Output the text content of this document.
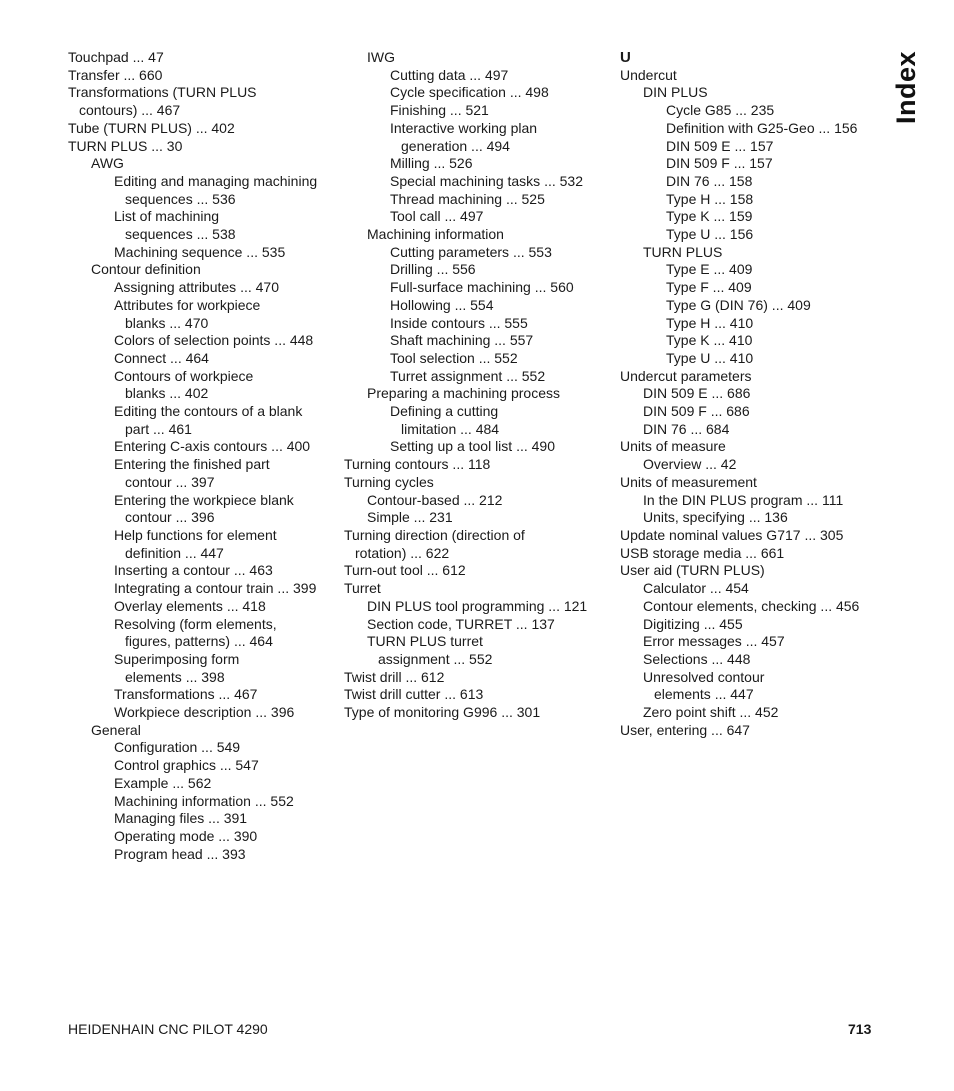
Touchpad ... 47
Transfer ... 660
Transformations (TURN PLUS
contours) ... 467
Tube (TURN PLUS) ... 402
TURN PLUS ... 30
AWG
Editing and managing machining
sequences ... 536
List of machining
sequences ... 538
Machining sequence ... 535
Contour definition
Assigning attributes ... 470
Attributes for workpiece
blanks ... 470
Colors of selection points ... 448
Connect ... 464
Contours of workpiece
blanks ... 402
Editing the contours of a blank
part ... 461
Entering C-axis contours ... 400
Entering the finished part
contour ... 397
Entering the workpiece blank
contour ... 396
Help functions for element
definition ... 447
Inserting a contour ... 463
Integrating a contour train ... 399
Overlay elements ... 418
Resolving (form elements,
figures, patterns) ... 464
Superimposing form
elements ... 398
Transformations ... 467
Workpiece description ... 396
General
Configuration ... 549
Control graphics ... 547
Example ... 562
Machining information ... 552
Managing files ... 391
Operating mode ... 390
Program head ... 393
IWG
Cutting data ... 497
Cycle specification ... 498
Finishing ... 521
Interactive working plan
generation ... 494
Milling ... 526
Special machining tasks ... 532
Thread machining ... 525
Tool call ... 497
Machining information
Cutting parameters ... 553
Drilling ... 556
Full-surface machining ... 560
Hollowing ... 554
Inside contours ... 555
Shaft machining ... 557
Tool selection ... 552
Turret assignment ... 552
Preparing a machining process
Defining a cutting
limitation ... 484
Setting up a tool list ... 490
Turning contours ... 118
Turning cycles
Contour-based ... 212
Simple ... 231
Turning direction (direction of
rotation) ... 622
Turn-out tool ... 612
Turret
DIN PLUS tool programming ... 121
Section code, TURRET ... 137
TURN PLUS turret
assignment ... 552
Twist drill ... 612
Twist drill cutter ... 613
Type of monitoring G996 ... 301
U
Undercut
DIN PLUS
Cycle G85 ... 235
Definition with G25-Geo ... 156
DIN 509 E ... 157
DIN 509 F ... 157
DIN 76 ... 158
Type H ... 158
Type K ... 159
Type U ... 156
TURN PLUS
Type E ... 409
Type F ... 409
Type G (DIN 76) ... 409
Type H ... 410
Type K ... 410
Type U ... 410
Undercut parameters
DIN 509 E ... 686
DIN 509 F ... 686
DIN 76 ... 684
Units of measure
Overview ... 42
Units of measurement
In the DIN PLUS program ... 111
Units, specifying ... 136
Update nominal values G717 ... 305
USB storage media ... 661
User aid (TURN PLUS)
Calculator ... 454
Contour elements, checking ... 456
Digitizing ... 455
Error messages ... 457
Selections ... 448
Unresolved contour
elements ... 447
Zero point shift ... 452
User, entering ... 647
Index
HEIDENHAIN CNC PILOT 4290	713
